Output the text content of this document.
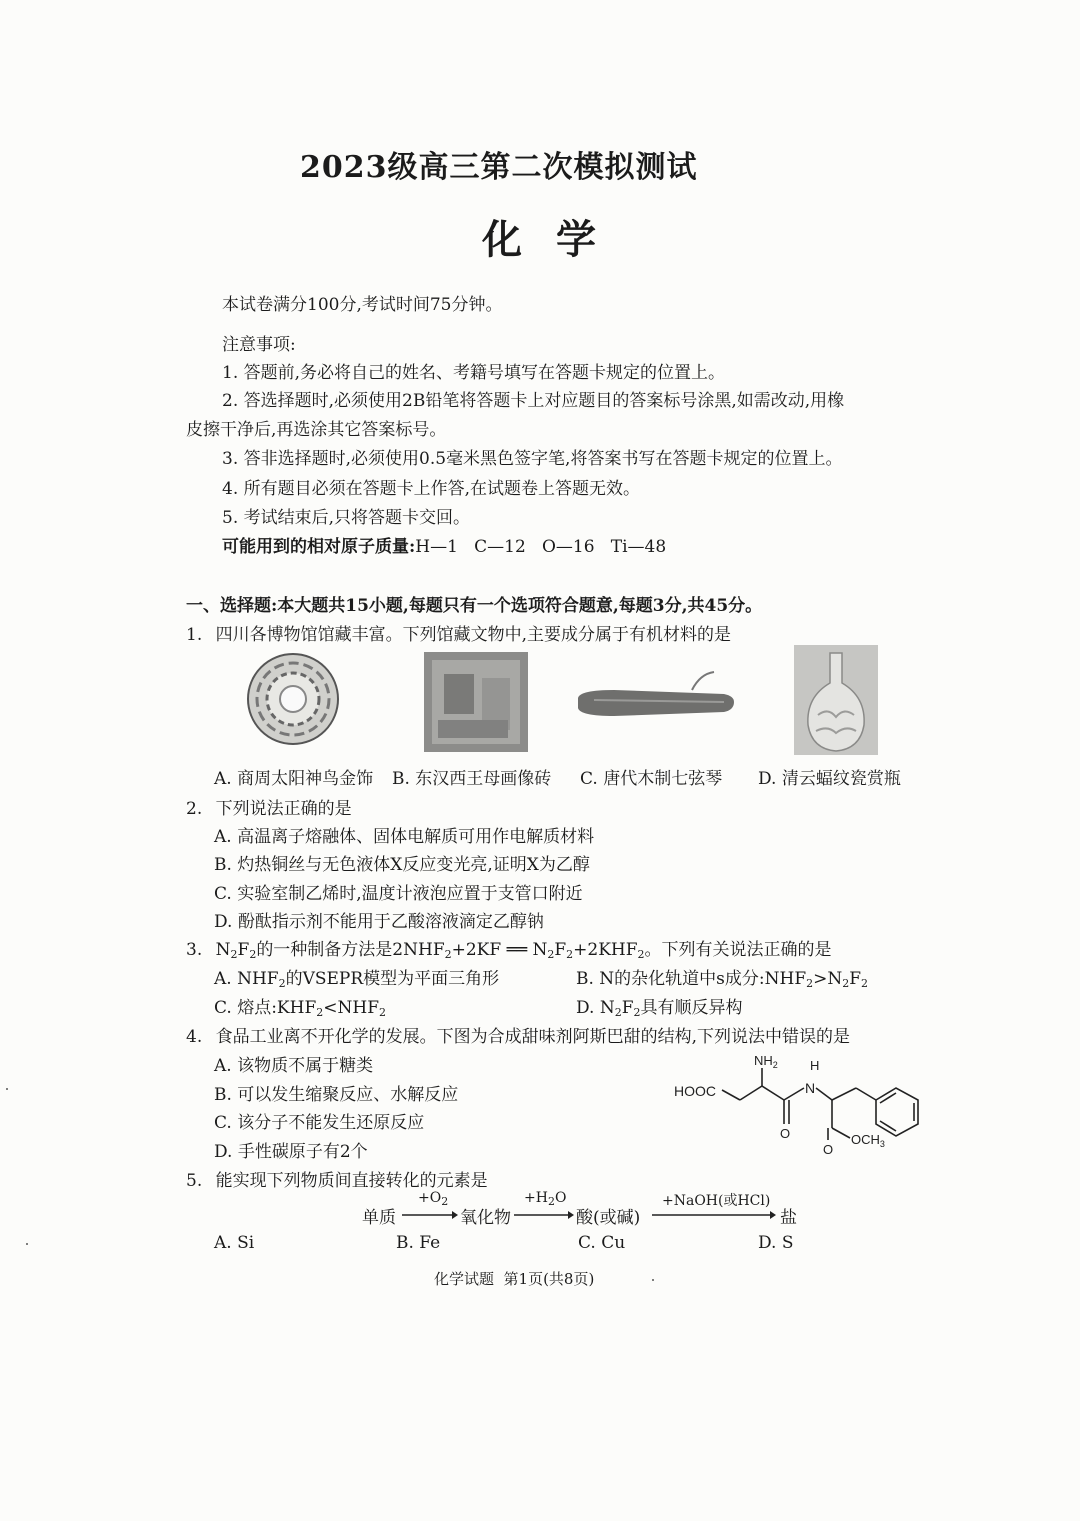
2023级高三第二次模拟测试
化学
本试卷满分100分,考试时间75分钟。
注意事项:
1. 答题前,务必将自己的姓名、考籍号填写在答题卡规定的位置上。
2. 答选择题时,必须使用2B铅笔将答题卡上对应题目的答案标号涂黑,如需改动,用橡
皮擦干净后,再选涂其它答案标号。
3. 答非选择题时,必须使用0.5毫米黑色签字笔,将答案书写在答题卡规定的位置上。
4. 所有题目必须在答题卡上作答,在试题卷上答题无效。
5. 考试结束后,只将答题卡交回。
可能用到的相对原子质量:H—1   C—12   O—16   Ti—48
一、选择题:本大题共15小题,每题只有一个选项符合题意,每题3分,共45分。
1. 四川各博物馆馆藏丰富。下列馆藏文物中,主要成分属于有机材料的是
A. 商周太阳神鸟金饰 B. 东汉西王母画像砖 C. 唐代木制七弦琴 D. 清云蝠纹瓷赏瓶
2. 下列说法正确的是
A. 高温离子熔融体、固体电解质可用作电解质材料
B. 灼热铜丝与无色液体X反应变光亮,证明X为乙醇
C. 实验室制乙烯时,温度计液泡应置于支管口附近
D. 酚酞指示剂不能用于乙酸溶液滴定乙醇钠
3. $N_2F_2$的一种制备方法是$2NHF_2+2KF$ ══ $N_2F_2+2KHF_2$。下列有关说法正确的是
A. $NHF_2$的VSEPR模型为平面三角形	B. N的杂化轨道中s成分$:NHF_2>N_2F_2$
C. 熔点$:KHF_2<NHF_2$	D. $N_2F_2$具有顺反异构
4. 食品工业离不开化学的发展。下图为合成甜味剂阿斯巴甜的结构,下列说法中错误的是
A. 该物质不属于糖类
B. 可以发生缩聚反应、水解反应
C. 该分子不能发生还原反应
D. 手性碳原子有2个
HOOC
$NH_2$ H
N
O
O
$OCH_3$
5. 能实现下列物质间直接转化的元素是
单质
$+O_2$
氧化物
$+H_2O$
酸(或碱)
+NaOH(或HCl)
盐
A. Si	B. Fe	C. Cu	D. S
化学试题  第1页(共8页)
